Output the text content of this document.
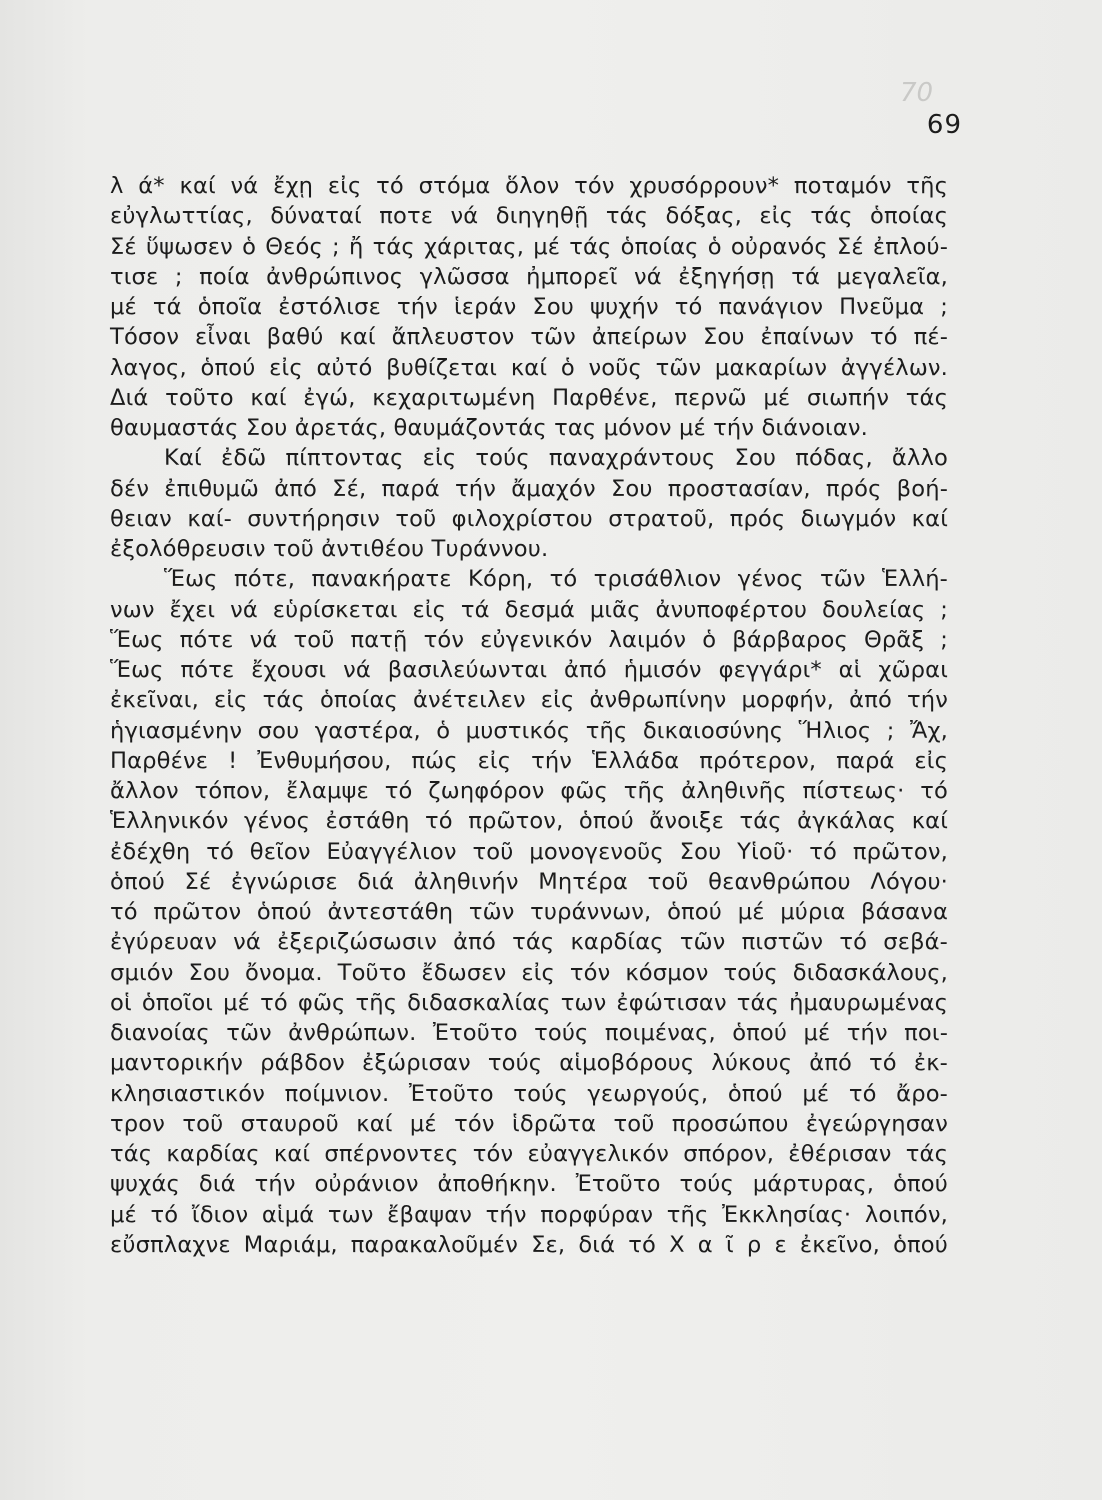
70
69
λ ά* καί νά ἔχῃ εἰς τό στόμα ὅλον τόν χρυσόρρουν* ποταμόν τῆς
εὐγλωττίας, δύναταί ποτε νά διηγηθῇ τάς δόξας, εἰς τάς ὁποίας
Σέ ὕψωσεν ὁ Θεός ; ἤ τάς χάριτας, μέ τάς ὁποίας ὁ οὐρανός Σέ ἐπλού-
τισε ; ποία ἀνθρώπινος γλῶσσα ἠμπορεῖ νά ἐξηγήσῃ τά μεγαλεῖα,
μέ τά ὁποῖα ἐστόλισε τήν ἱεράν Σου ψυχήν τό πανάγιον Πνεῦμα ;
Τόσον εἶναι βαθύ καί ἄπλευστον τῶν ἀπείρων Σου ἐπαίνων τό πέ-
λαγος, ὁπού εἰς αὐτό βυθίζεται καί ὁ νοῦς τῶν μακαρίων ἀγγέλων.
Διά τοῦτο καί ἐγώ, κεχαριτωμένη Παρθένε, περνῶ μέ σιωπήν τάς
θαυμαστάς Σου ἀρετάς, θαυμάζοντάς τας μόνον μέ τήν διάνοιαν.
Καί ἐδῶ πίπτοντας εἰς τούς παναχράντους Σου πόδας, ἄλλο
δέν ἐπιθυμῶ ἀπό Σέ, παρά τήν ἄμαχόν Σου προστασίαν, πρός βοή-
θειαν καί- συντήρησιν τοῦ φιλοχρίστου στρατοῦ, πρός διωγμόν καί
ἐξολόθρευσιν τοῦ ἀντιθέου Τυράννου.
Ἕως πότε, πανακήρατε Κόρη, τό τρισάθλιον γένος τῶν Ἑλλή-
νων ἔχει νά εὑρίσκεται εἰς τά δεσμά μιᾶς ἀνυποφέρτου δουλείας ;
Ἕως πότε νά τοῦ πατῇ τόν εὐγενικόν λαιμόν ὁ βάρβαρος Θρᾶξ ;
Ἕως πότε ἔχουσι νά βασιλεύωνται ἀπό ἡμισόν φεγγάρι* αἱ χῶραι
ἐκεῖναι, εἰς τάς ὁποίας ἀνέτειλεν εἰς ἀνθρωπίνην μορφήν, ἀπό τήν
ἡγιασμένην σου γαστέρα, ὁ μυστικός τῆς δικαιοσύνης Ἥλιος ; Ἄχ,
Παρθένε ! Ἐνθυμήσου, πώς εἰς τήν Ἑλλάδα πρότερον, παρά εἰς
ἄλλον τόπον, ἔλαμψε τό ζωηφόρον φῶς τῆς ἀληθινῆς πίστεως· τό
Ἑλληνικόν γένος ἐστάθη τό πρῶτον, ὁπού ἄνοιξε τάς ἀγκάλας καί
ἐδέχθη τό θεῖον Εὐαγγέλιον τοῦ μονογενοῦς Σου Υἱοῦ· τό πρῶτον,
ὁπού Σέ ἐγνώρισε διά ἀληθινήν Μητέρα τοῦ θεανθρώπου Λόγου·
τό πρῶτον ὁπού ἀντεστάθη τῶν τυράννων, ὁπού μέ μύρια βάσανα
ἐγύρευαν νά ἐξεριζώσωσιν ἀπό τάς καρδίας τῶν πιστῶν τό σεβά-
σμιόν Σου ὄνομα. Τοῦτο ἔδωσεν εἰς τόν κόσμον τούς διδασκάλους,
οἱ ὁποῖοι μέ τό φῶς τῆς διδασκαλίας των ἐφώτισαν τάς ἠμαυρωμένας
διανοίας τῶν ἀνθρώπων. Ἐτοῦτο τούς ποιμένας, ὁπού μέ τήν ποι-
μαντορικήν ράβδον ἐξώρισαν τούς αἱμοβόρους λύκους ἀπό τό ἐκ-
κλησιαστικόν ποίμνιον. Ἐτοῦτο τούς γεωργούς, ὁπού μέ τό ἄρο-
τρον τοῦ σταυροῦ καί μέ τόν ἱδρῶτα τοῦ προσώπου ἐγεώργησαν
τάς καρδίας καί σπέρνοντες τόν εὐαγγελικόν σπόρον, ἐθέρισαν τάς
ψυχάς διά τήν οὐράνιον ἀποθήκην. Ἐτοῦτο τούς μάρτυρας, ὁπού
μέ τό ἴδιον αἱμά των ἔβαψαν τήν πορφύραν τῆς Ἐκκλησίας· λοιπόν,
εὔσπλαχνε Μαριάμ, παρακαλοῦμέν Σε, διά τό Χ α ῖ ρ ε ἐκεῖνο, ὁπού
